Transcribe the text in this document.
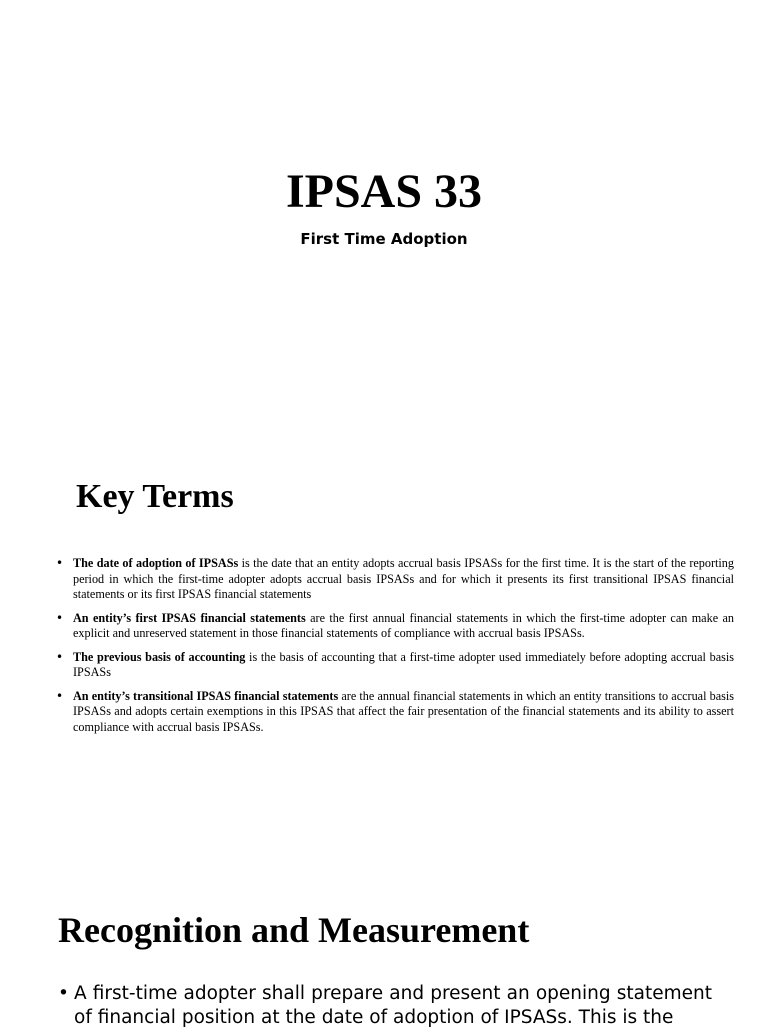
IPSAS 33
First Time Adoption
Key Terms
• The date of adoption of IPSASs is the date that an entity adopts accrual basis IPSASs for the first time. It is the start of the reporting period in which the first-time adopter adopts accrual basis IPSASs and for which it presents its first transitional IPSAS financial statements or its first IPSAS financial statements
• An entity’s first IPSAS financial statements are the first annual financial statements in which the first-time adopter can make an explicit and unreserved statement in those financial statements of compliance with accrual basis IPSASs.
• The previous basis of accounting is the basis of accounting that a first-time adopter used immediately before adopting accrual basis IPSASs
• An entity’s transitional IPSAS financial statements are the annual financial statements in which an entity transitions to accrual basis IPSASs and adopts certain exemptions in this IPSAS that affect the fair presentation of the financial statements and its ability to assert compliance with accrual basis IPSASs.
Recognition and Measurement
• A first-time adopter shall prepare and present an opening statement of financial position at the date of adoption of IPSASs. This is the
